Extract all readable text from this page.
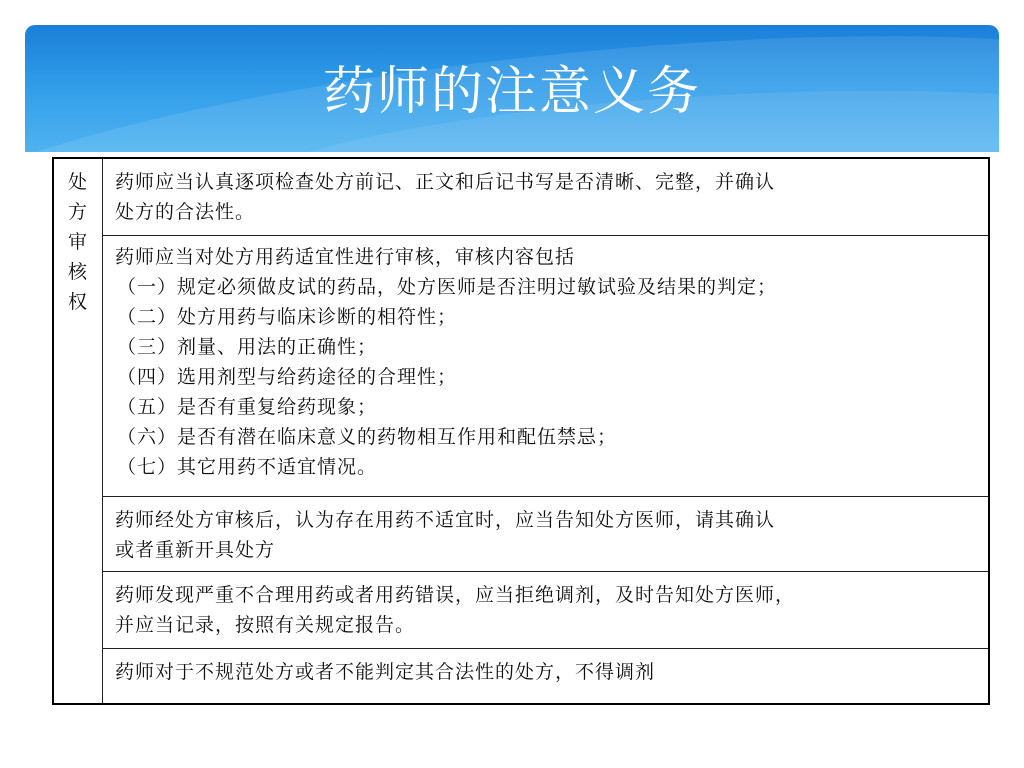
药师的注意义务
处
方
审
核
权

药师应当认真逐项检查处方前记、正文和后记书写是否清晰、完整，并确认
处方的合法性。

药师应当对处方用药适宜性进行审核，审核内容包括
（一）规定必须做皮试的药品，处方医师是否注明过敏试验及结果的判定；
（二）处方用药与临床诊断的相符性；
（三）剂量、用法的正确性；
（四）选用剂型与给药途径的合理性；
（五）是否有重复给药现象；
（六）是否有潜在临床意义的药物相互作用和配伍禁忌；
（七）其它用药不适宜情况。

药师经处方审核后，认为存在用药不适宜时，应当告知处方医师，请其确认
或者重新开具处方

药师发现严重不合理用药或者用药错误，应当拒绝调剂，及时告知处方医师，
并应当记录，按照有关规定报告。

药师对于不规范处方或者不能判定其合法性的处方，不得调剂
